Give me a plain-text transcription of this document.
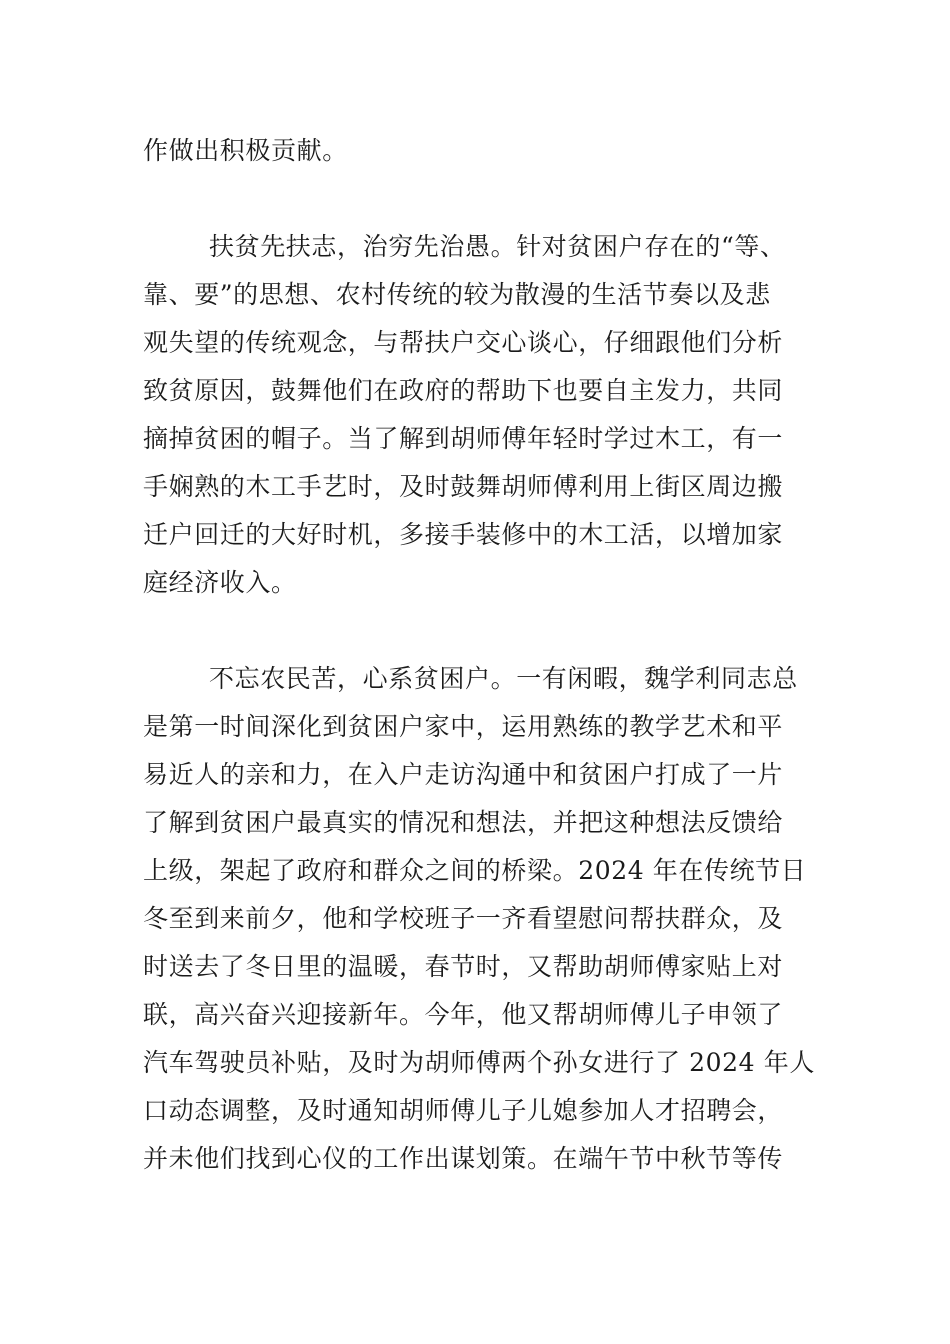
作做出积极贡献。
扶贫先扶志，治穷先治愚。针对贫困户存在的“等、
靠、要”的思想、农村传统的较为散漫的生活节奏以及悲
观失望的传统观念，与帮扶户交心谈心，仔细跟他们分析
致贫原因，鼓舞他们在政府的帮助下也要自主发力，共同
摘掉贫困的帽子。当了解到胡师傅年轻时学过木工，有一
手娴熟的木工手艺时，及时鼓舞胡师傅利用上街区周边搬
迁户回迁的大好时机，多接手装修中的木工活，以增加家
庭经济收入。
不忘农民苦，心系贫困户。一有闲暇，魏学利同志总
是第一时间深化到贫困户家中，运用熟练的教学艺术和平
易近人的亲和力，在入户走访沟通中和贫困户打成了一片
了解到贫困户最真实的情况和想法，并把这种想法反馈给
上级，架起了政府和群众之间的桥梁。2024 年在传统节日
冬至到来前夕，他和学校班子一齐看望慰问帮扶群众，及
时送去了冬日里的温暖，春节时，又帮助胡师傅家贴上对
联，高兴奋兴迎接新年。今年，他又帮胡师傅儿子申领了
汽车驾驶员补贴，及时为胡师傅两个孙女进行了 2024 年人
口动态调整，及时通知胡师傅儿子儿媳参加人才招聘会，
并未他们找到心仪的工作出谋划策。在端午节中秋节等传
